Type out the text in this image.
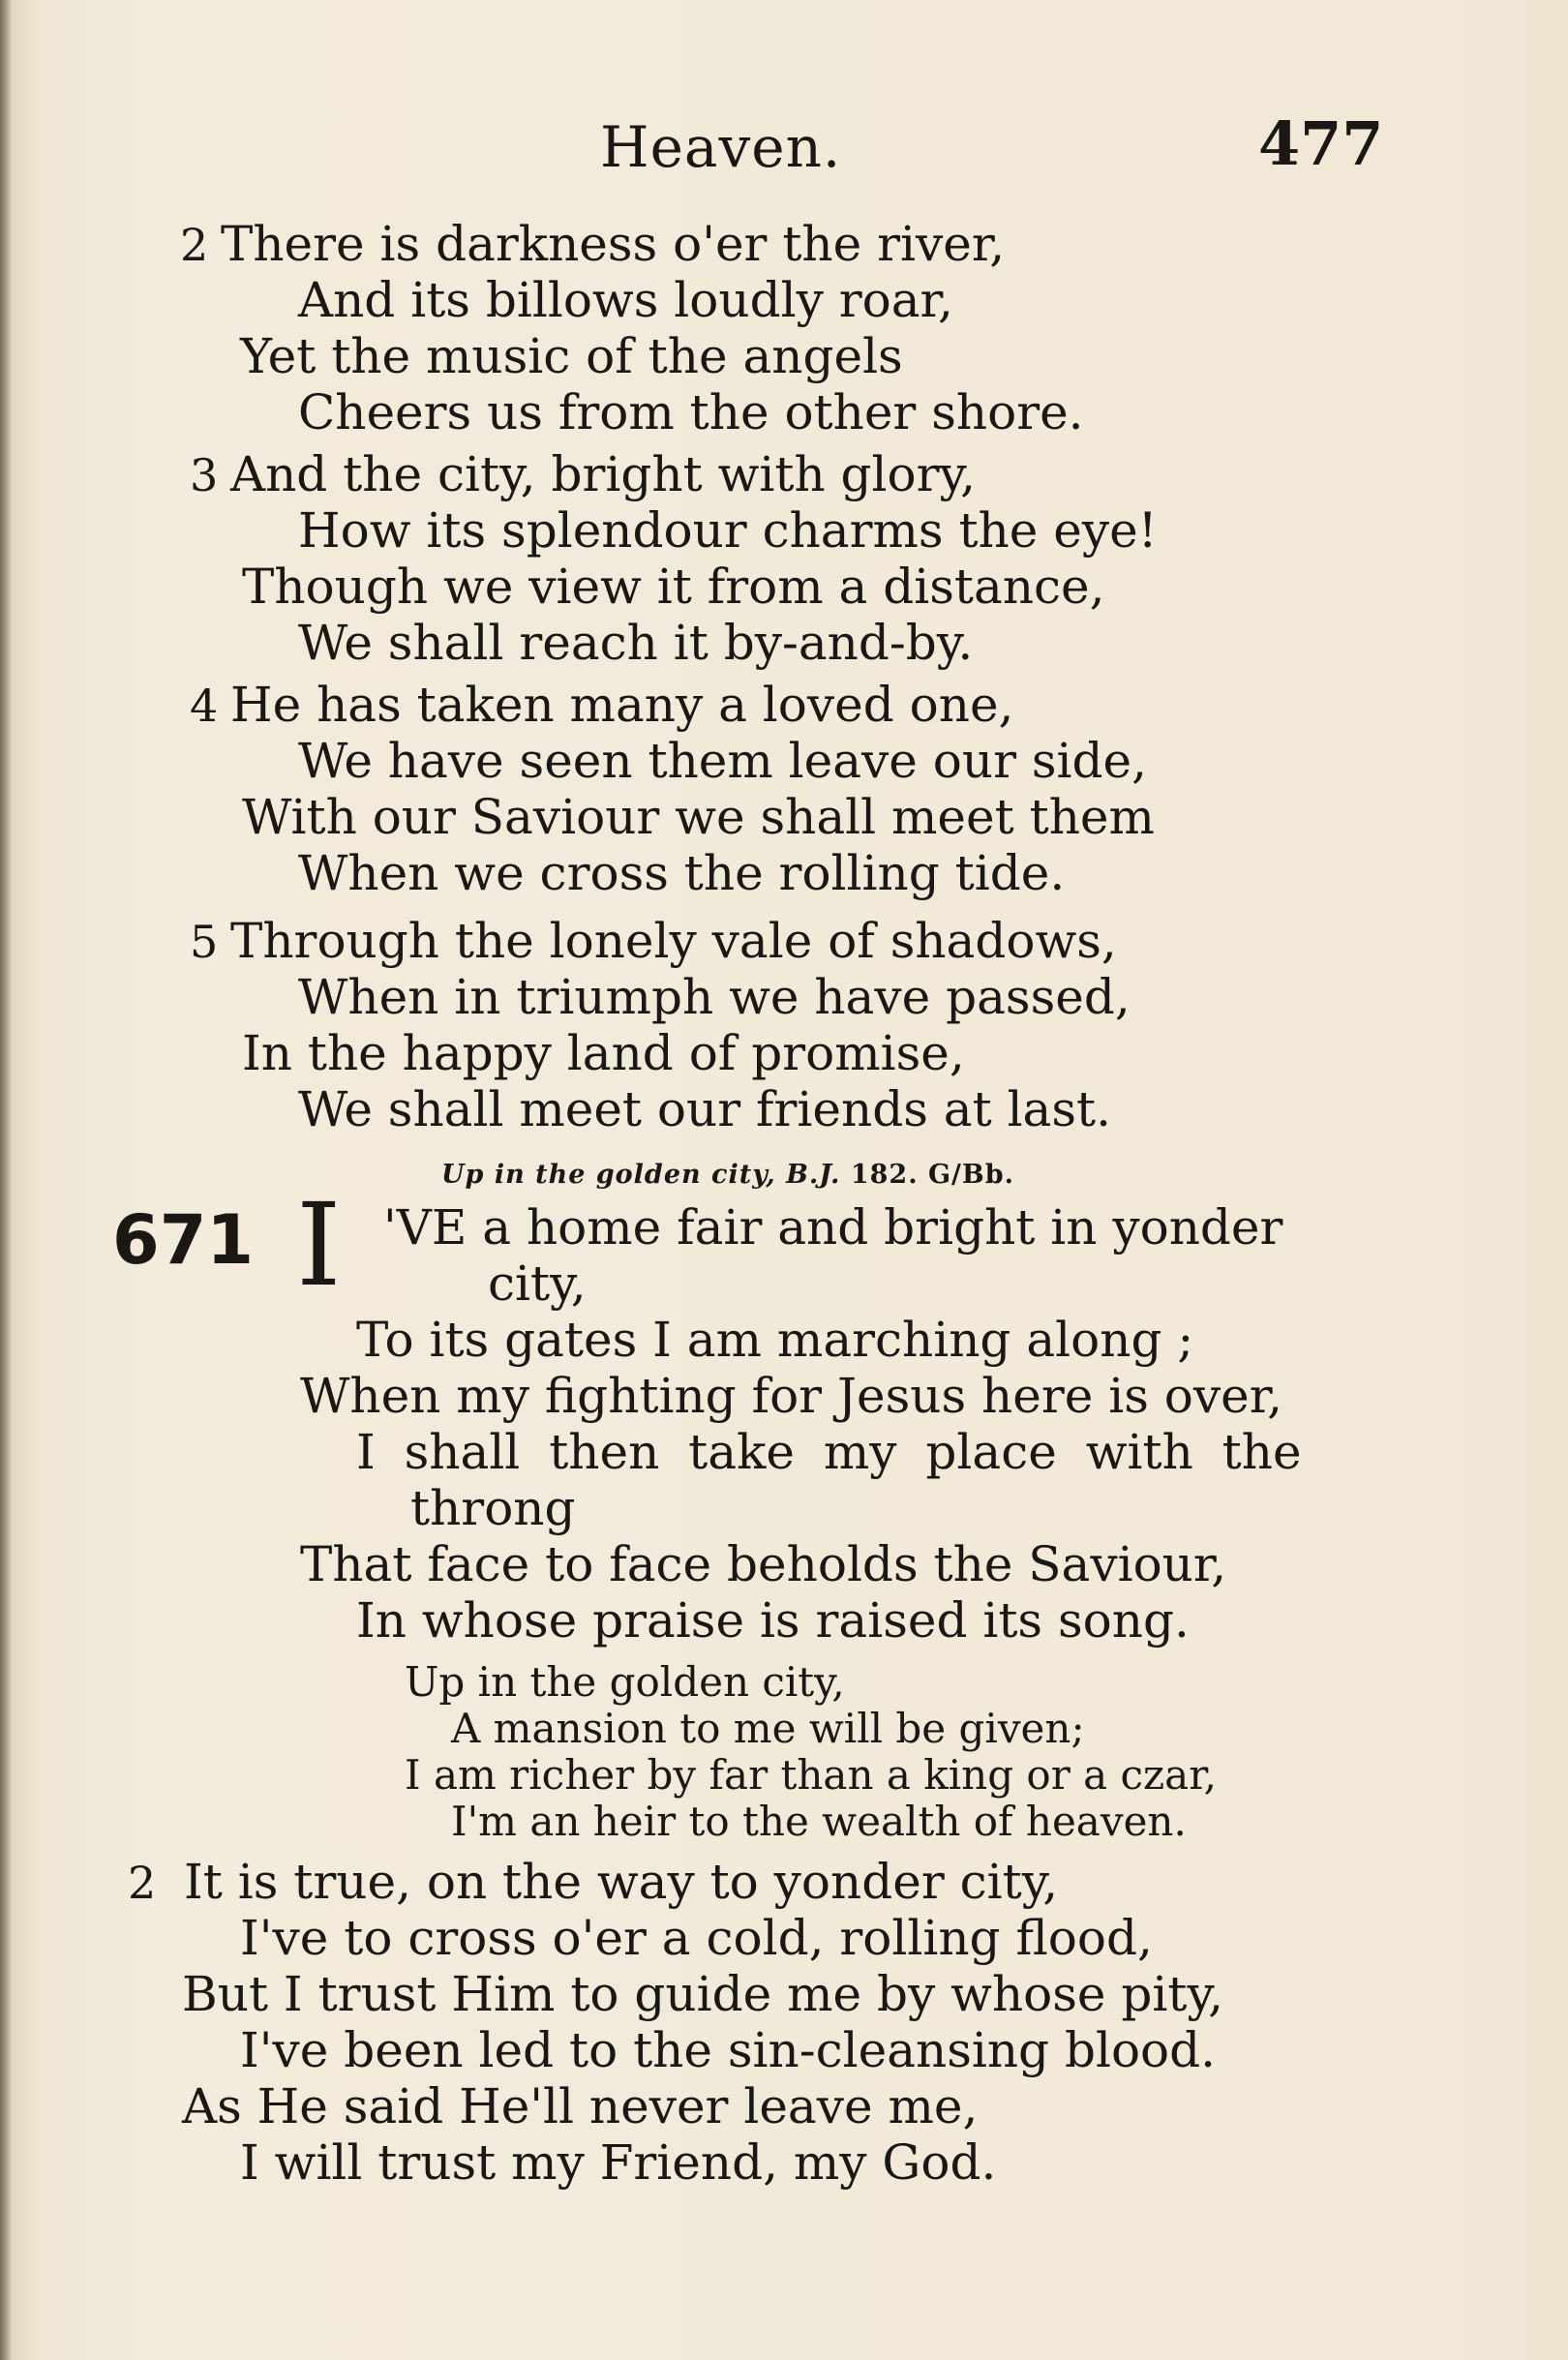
Heaven.	477
2 There is darkness o'er the river,
And its billows loudly roar,
Yet the music of the angels
Cheers us from the other shore.
3 And the city, bright with glory,
How its splendour charms the eye!
Though we view it from a distance,
We shall reach it by-and-by.
4 He has taken many a loved one,
We have seen them leave our side,
With our Saviour we shall meet them
When we cross the rolling tide.
5 Through the lonely vale of shadows,
When in triumph we have passed,
In the happy land of promise,
We shall meet our friends at last.
Up in the golden city, B.J. 182. G/Bb.
671 I 'VE a home fair and bright in yonder
city,
To its gates I am marching along ;
When my fighting for Jesus here is over,
I shall then take my place with the
throng
That face to face beholds the Saviour,
In whose praise is raised its song.
Up in the golden city,
A mansion to me will be given;
I am richer by far than a king or a czar,
I'm an heir to the wealth of heaven.
2 It is true, on the way to yonder city,
I've to cross o'er a cold, rolling flood,
But I trust Him to guide me by whose pity,
I've been led to the sin-cleansing blood.
As He said He'll never leave me,
I will trust my Friend, my God.
